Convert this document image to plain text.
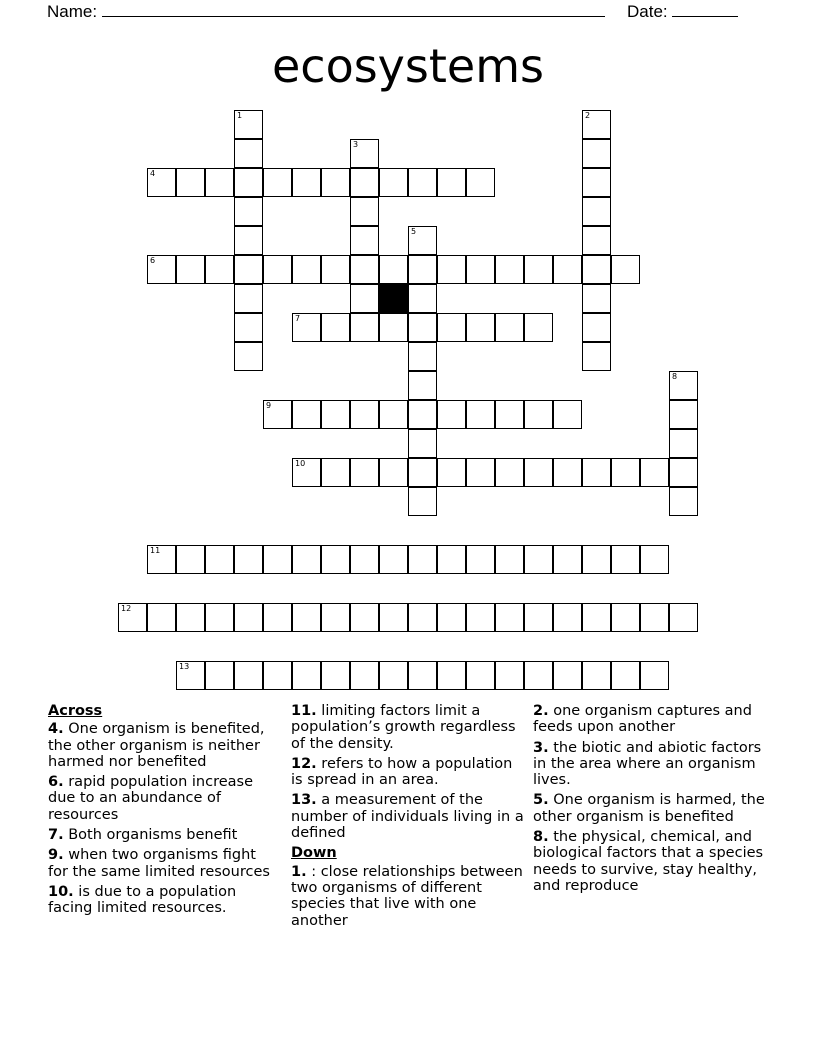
Name:	Date:
ecosystems
4
6
7
9
10
11
12
13
1	2
3
5
8
Across
4. One organism is benefited, the other organism is neither harmed nor benefited
6. rapid population increase due to an abundance of resources
7. Both organisms benefit
9. when two organisms fight for the same limited resources
10. is due to a population facing limited resources.
11. limiting factors limit a population’s growth regardless of the density.
12. refers to how a population is spread in an area.
13. a measurement of the number of individuals living in a defined
Down
1. : close relationships between two organisms of different species that live with one another
2. one organism captures and feeds upon another
3. the biotic and abiotic factors in the area where an organism lives.
5. One organism is harmed, the other organism is benefited
8. the physical, chemical, and biological factors that a species needs to survive, stay healthy, and reproduce
